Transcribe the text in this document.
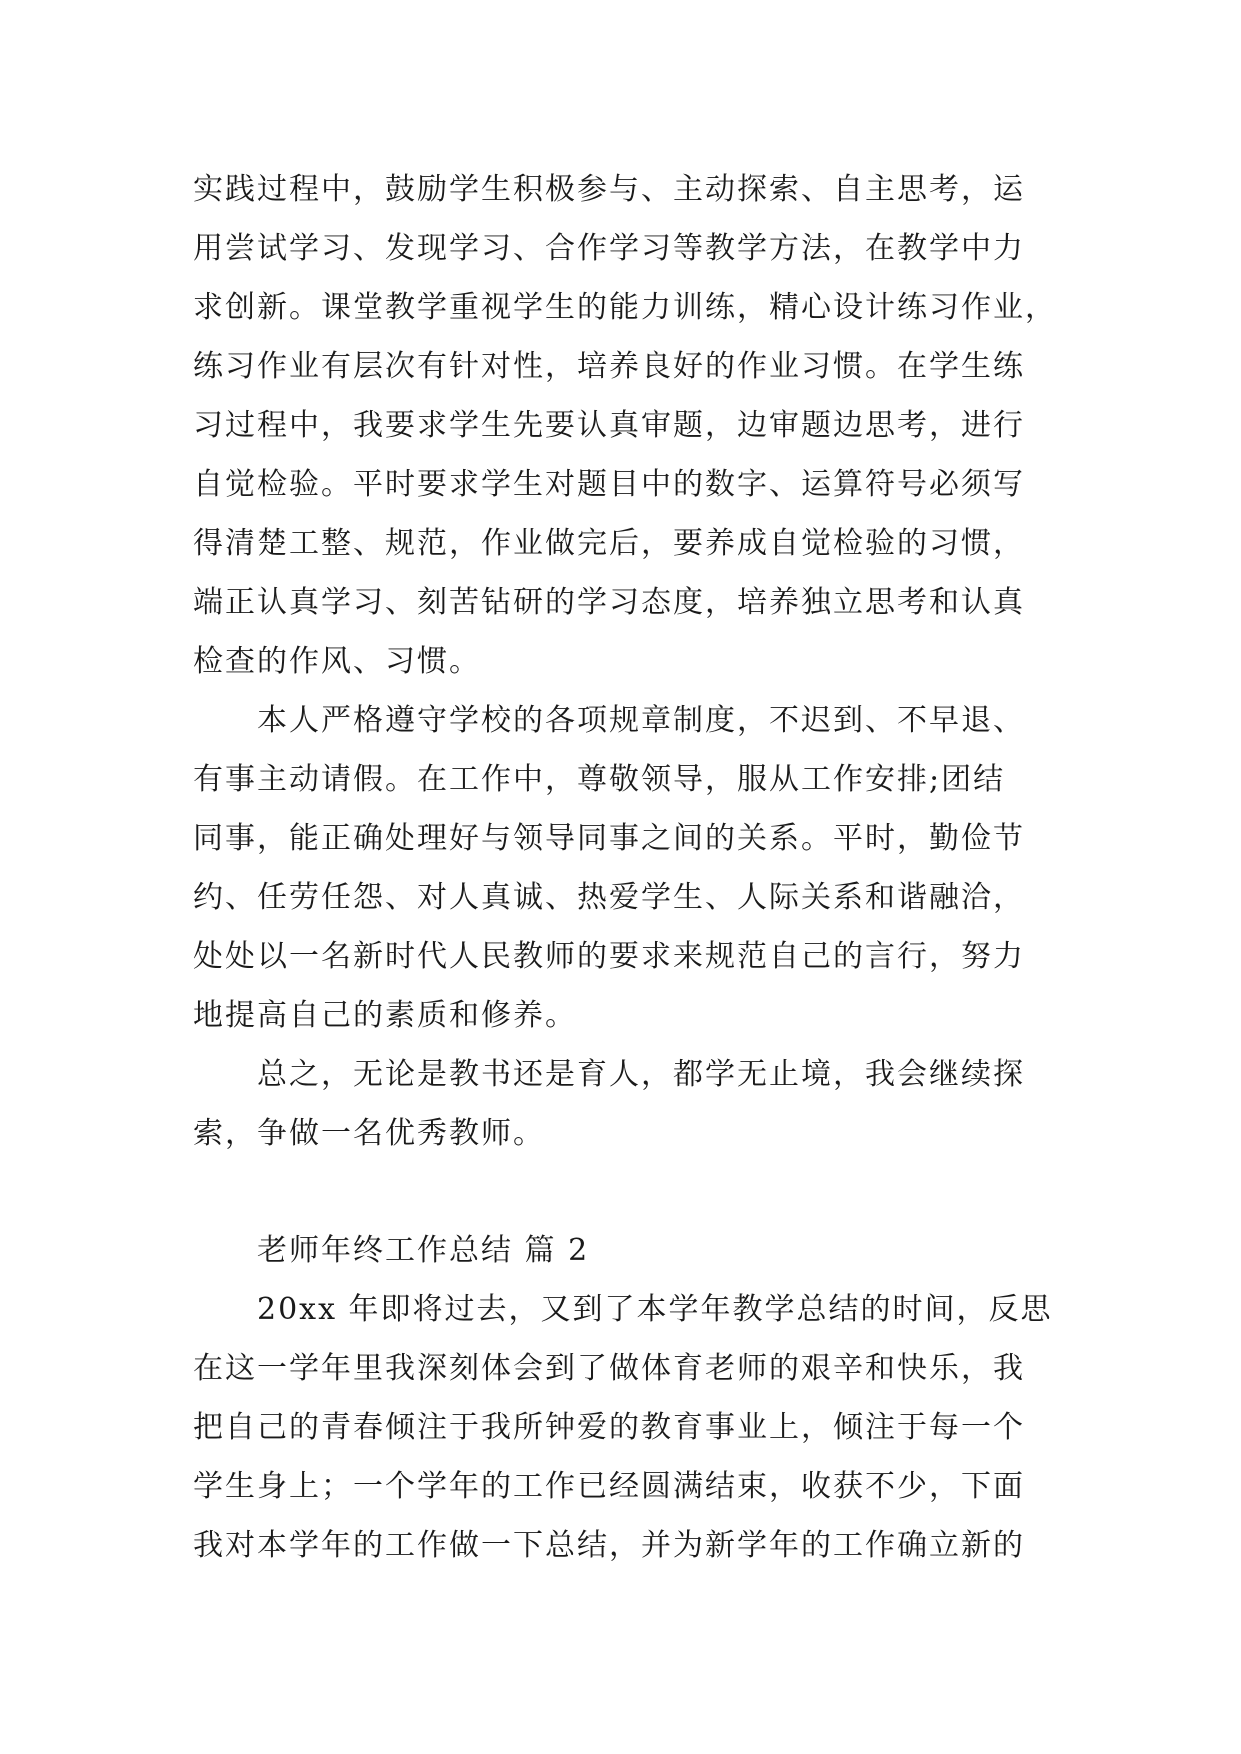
实践过程中，鼓励学生积极参与、主动探索、自主思考，运
用尝试学习、发现学习、合作学习等教学方法，在教学中力
求创新。课堂教学重视学生的能力训练，精心设计练习作业，
练习作业有层次有针对性，培养良好的作业习惯。在学生练
习过程中，我要求学生先要认真审题，边审题边思考，进行
自觉检验。平时要求学生对题目中的数字、运算符号必须写
得清楚工整、规范，作业做完后，要养成自觉检验的习惯，
端正认真学习、刻苦钻研的学习态度，培养独立思考和认真
检查的作风、习惯。
本人严格遵守学校的各项规章制度，不迟到、不早退、
有事主动请假。在工作中，尊敬领导，服从工作安排;团结
同事，能正确处理好与领导同事之间的关系。平时，勤俭节
约、任劳任怨、对人真诚、热爱学生、人际关系和谐融洽，
处处以一名新时代人民教师的要求来规范自己的言行，努力
地提高自己的素质和修养。
总之，无论是教书还是育人，都学无止境，我会继续探
索，争做一名优秀教师。
老师年终工作总结 篇 2
20xx 年即将过去，又到了本学年教学总结的时间，反思
在这一学年里我深刻体会到了做体育老师的艰辛和快乐，我
把自己的青春倾注于我所钟爱的教育事业上，倾注于每一个
学生身上；一个学年的工作已经圆满结束，收获不少，下面
我对本学年的工作做一下总结，并为新学年的工作确立新的
